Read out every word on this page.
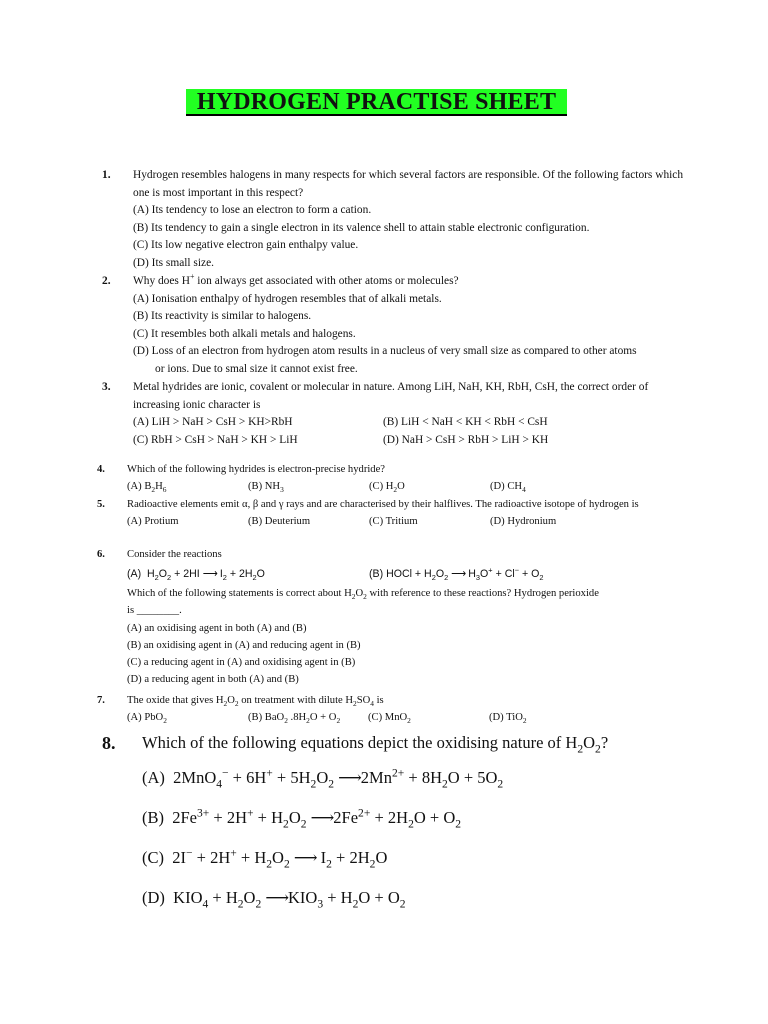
HYDROGEN PRACTISE SHEET
1. Hydrogen resembles halogens in many respects for which several factors are responsible. Of the following factors which one is most important in this respect?
(A) Its tendency to lose an electron to form a cation.
(B) Its tendency to gain a single electron in its valence shell to attain stable electronic configuration.
(C) Its low negative electron gain enthalpy value.
(D) Its small size.
2. Why does H+ ion always get associated with other atoms or molecules?
(A) Ionisation enthalpy of hydrogen resembles that of alkali metals.
(B) Its reactivity is similar to halogens.
(C) It resembles both alkali metals and halogens.
(D) Loss of an electron from hydrogen atom results in a nucleus of very small size as compared to other atoms
or ions. Due to smal size it cannot exist free.
3. Metal hydrides are ionic, covalent or molecular in nature. Among LiH, NaH, KH, RbH, CsH, the correct order of increasing ionic character is
(A) LiH > NaH > CsH > KH>RbH	(B) LiH < NaH < KH < RbH < CsH
(C) RbH > CsH > NaH > KH > LiH	(D) NaH > CsH > RbH > LiH > KH
4. Which of the following hydrides is electron-precise hydride?
(A) $B_2H_6$	(B) $NH_3$	(C) $H_2O$	(D) $CH_4$
5. Radioactive elements emit α, β and γ rays and are characterised by their halflives. The radioactive isotope of hydrogen is
(A) Protium	(B) Deuterium	(C) Tritium	(D) Hydronium
6. Consider the reactions
(A)  $H_2O_2 + 2HI$ ⟶ $I_2 + 2H_2O$	(B) HOCl + $H_2O_2$ ⟶ $H_3O^+ + Cl^- + O_2$
Which of the following statements is correct about $H_2O_2$ with reference to these reactions? Hydrogen perioxide
is ________.
(A) an oxidising agent in both (A) and (B)
(B) an oxidising agent in (A) and reducing agent in (B)
(C) a reducing agent in (A) and oxidising agent in (B)
(D) a reducing agent in both (A) and (B)
7. The oxide that gives $H_2O_2$ on treatment with dilute $H_2SO_4$ is
(A) PbO$_2$	(B) BaO$_2$ $.8H_2O + O_2$	(C) MnO$_2$	(D) TiO$_2$
8. Which of the following equations depict the oxidising nature of $H_2O_2$?
(A)  $2MnO_4^- + 6H^+ + 5H_2O_2$ $⟶2Mn^{2+} + 8H_2O + 5O_2$
(B)  $2Fe^{3+} + 2H^+ + H_2O_2$ $⟶2Fe^{2+} + 2H_2O + O_2$
(C)  $2I^- + 2H^+ + H_2O_2$ ⟶ $I_2 + 2H_2O$
(D)  $KIO_4 + H_2O_2$ $⟶KIO_3 + H_2O + O_2$
